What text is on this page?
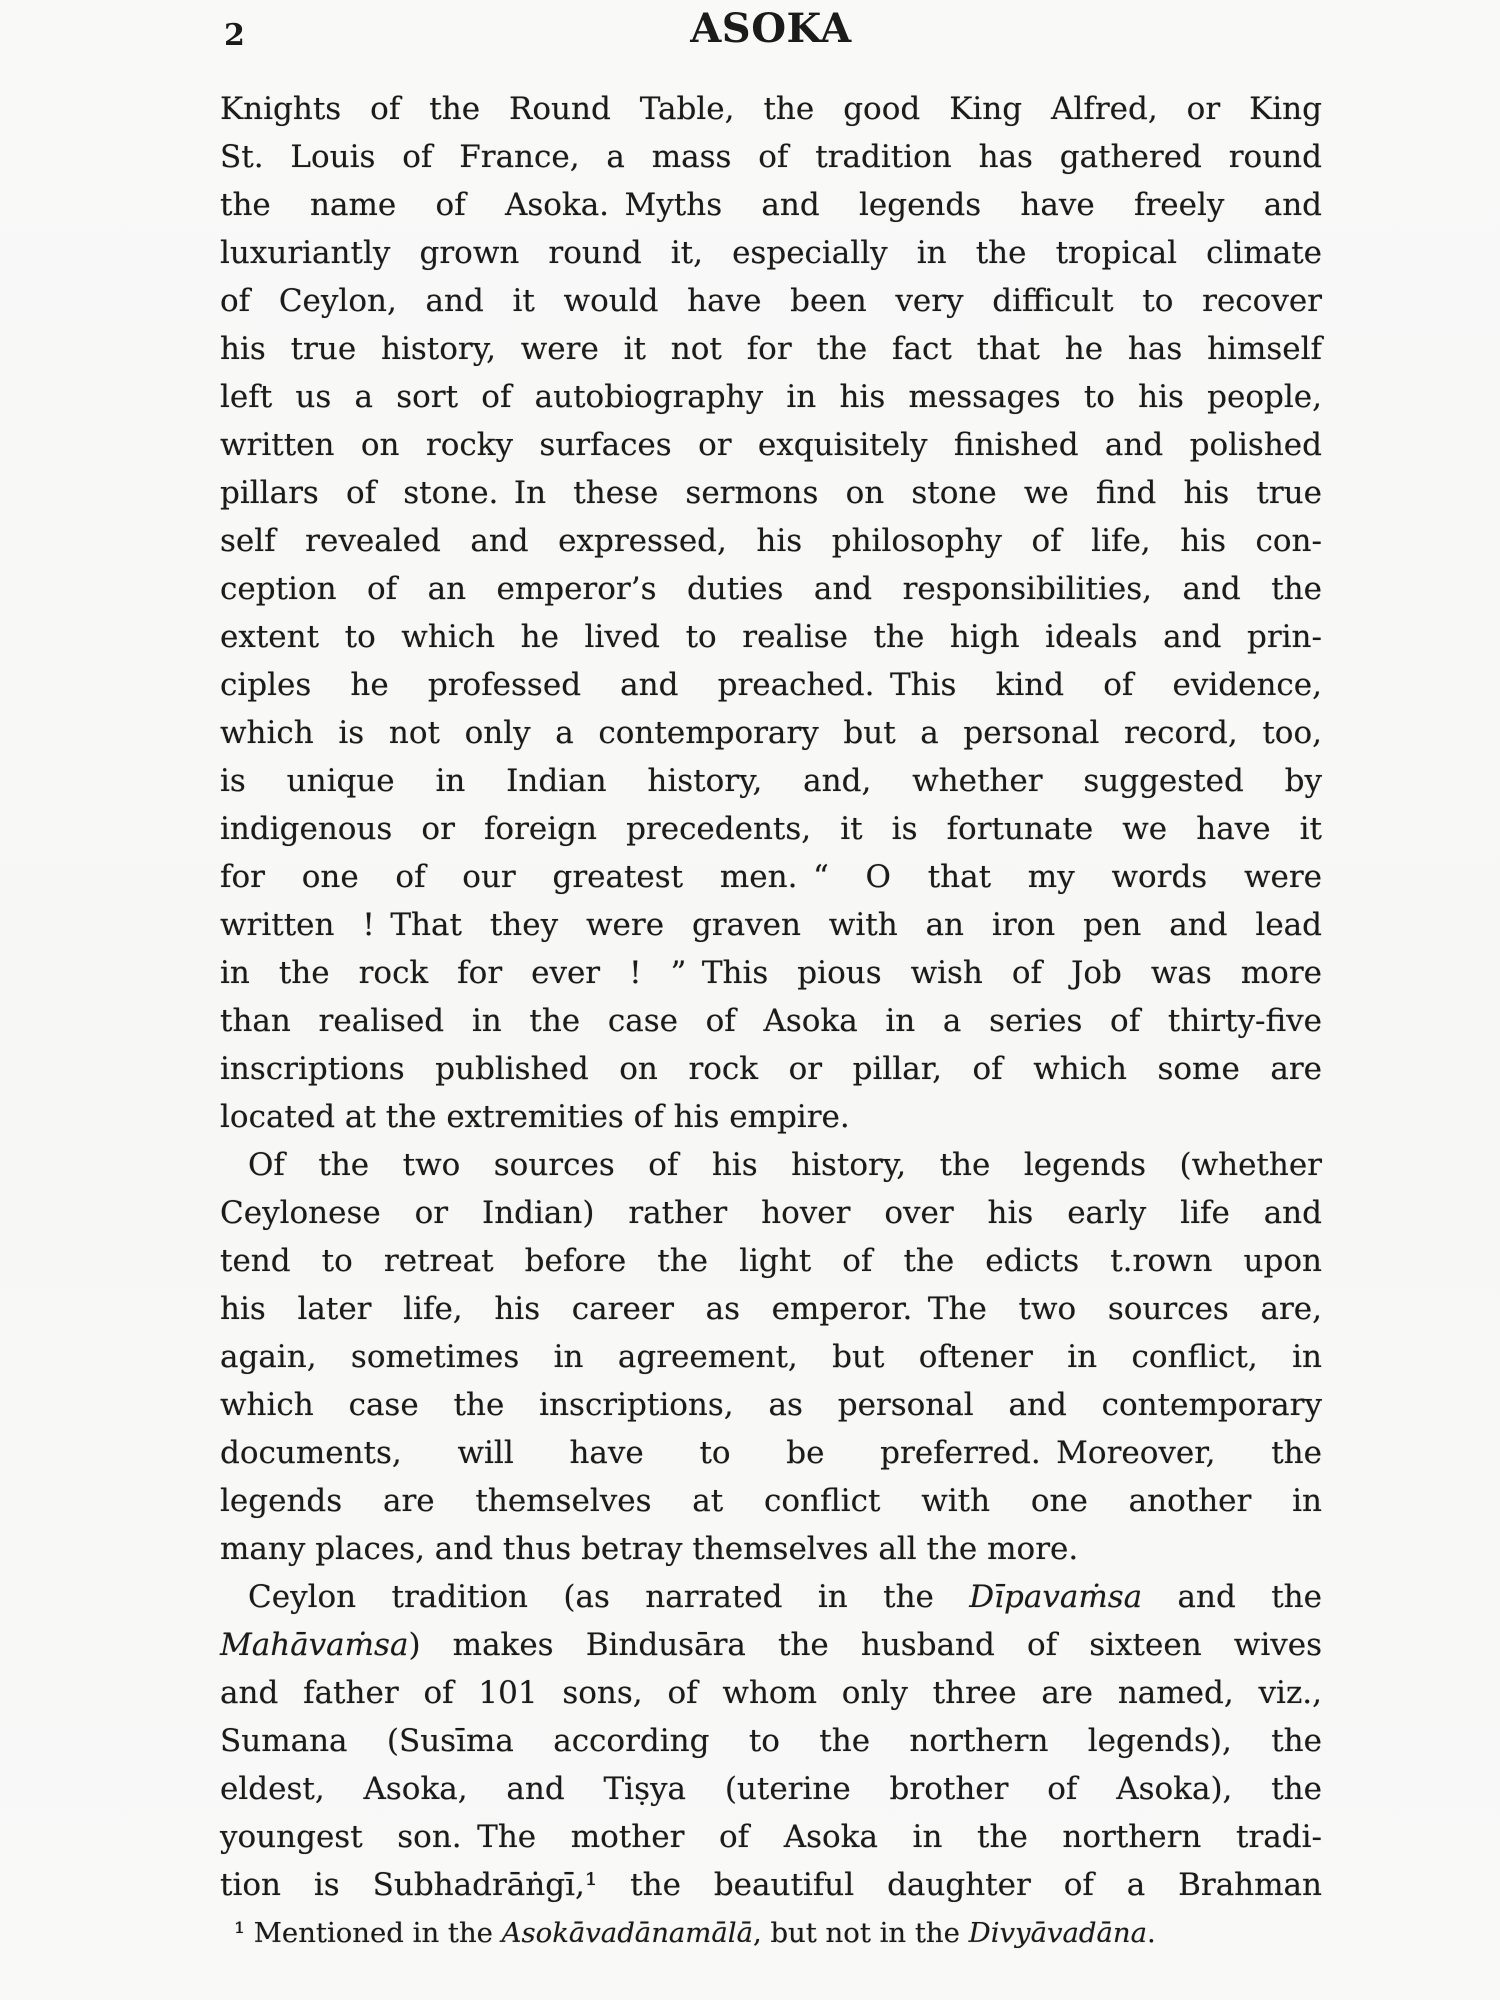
2	ASOKA
Knights of the Round Table, the good King Alfred, or King
St. Louis of France, a mass of tradition has gathered round
the name of Asoka. Myths and legends have freely and
luxuriantly grown round it, especially in the tropical climate
of Ceylon, and it would have been very difficult to recover
his true history, were it not for the fact that he has himself
left us a sort of autobiography in his messages to his people,
written on rocky surfaces or exquisitely finished and polished
pillars of stone. In these sermons on stone we find his true
self revealed and expressed, his philosophy of life, his con-
ception of an emperor’s duties and responsibilities, and the
extent to which he lived to realise the high ideals and prin-
ciples he professed and preached. This kind of evidence,
which is not only a contemporary but a personal record, too,
is unique in Indian history, and, whether suggested by
indigenous or foreign precedents, it is fortunate we have it
for one of our greatest men. “ O that my words were
written ! That they were graven with an iron pen and lead
in the rock for ever ! ” This pious wish of Job was more
than realised in the case of Asoka in a series of thirty-five
inscriptions published on rock or pillar, of which some are
located at the extremities of his empire.
Of the two sources of his history, the legends (whether
Ceylonese or Indian) rather hover over his early life and
tend to retreat before the light of the edicts t.rown upon
his later life, his career as emperor. The two sources are,
again, sometimes in agreement, but oftener in conflict, in
which case the inscriptions, as personal and contemporary
documents, will have to be preferred. Moreover, the
legends are themselves at conflict with one another in
many places, and thus betray themselves all the more.
Ceylon tradition (as narrated in the Dīpavaṁsa and the
Mahāvaṁsa) makes Bindusāra the husband of sixteen wives
and father of 101 sons, of whom only three are named, viz.,
Sumana (Susīma according to the northern legends), the
eldest, Asoka, and Tiṣya (uterine brother of Asoka), the
youngest son. The mother of Asoka in the northern tradi-
tion is Subhadrāṅgī,¹ the beautiful daughter of a Brahman
¹ Mentioned in the Asokāvadānamālā, but not in the Divyāvadāna.
